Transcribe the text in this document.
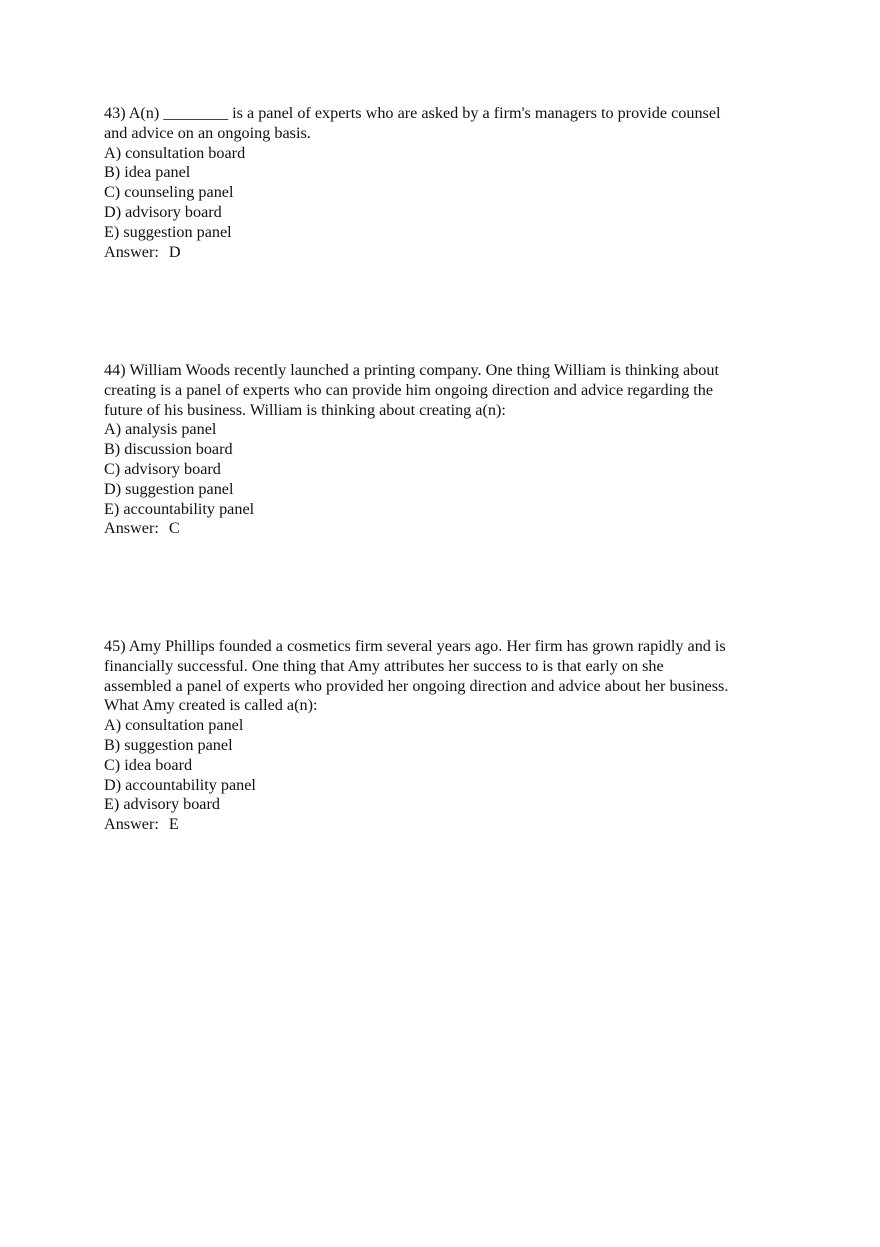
43) A(n) ________ is a panel of experts who are asked by a firm's managers to provide counsel
and advice on an ongoing basis.
A) consultation board
B) idea panel
C) counseling panel
D) advisory board
E) suggestion panel
Answer: D
44) William Woods recently launched a printing company. One thing William is thinking about
creating is a panel of experts who can provide him ongoing direction and advice regarding the
future of his business. William is thinking about creating a(n):
A) analysis panel
B) discussion board
C) advisory board
D) suggestion panel
E) accountability panel
Answer: C
45) Amy Phillips founded a cosmetics firm several years ago. Her firm has grown rapidly and is
financially successful. One thing that Amy attributes her success to is that early on she
assembled a panel of experts who provided her ongoing direction and advice about her business.
What Amy created is called a(n):
A) consultation panel
B) suggestion panel
C) idea board
D) accountability panel
E) advisory board
Answer: E
